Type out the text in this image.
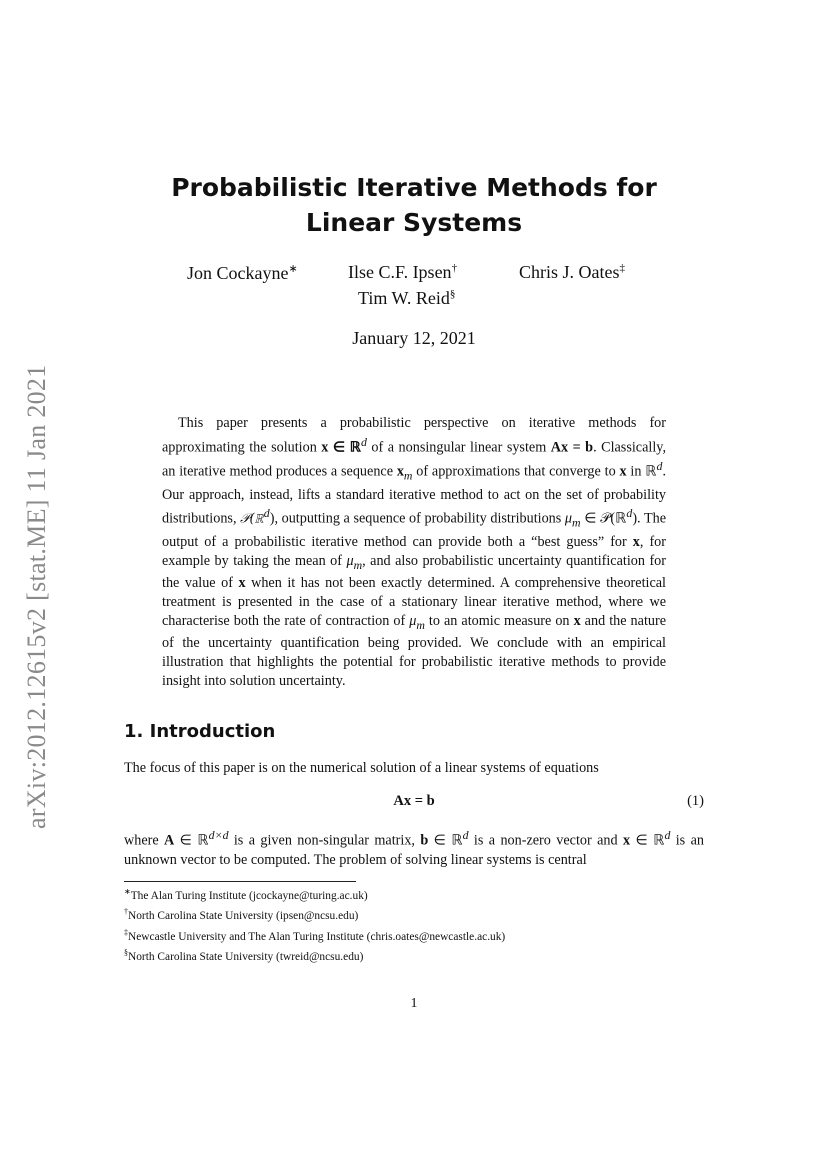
arXiv:2012.12615v2 [stat.ME] 11 Jan 2021
Probabilistic Iterative Methods for Linear Systems
Jon Cockayne∗	Ilse C.F. Ipsen†	Chris J. Oates‡
Tim W. Reid§
January 12, 2021
This paper presents a probabilistic perspective on iterative methods for approximating the solution x ∈ ℝ$^d$ of a nonsingular linear system Ax = b. Classically, an iterative method produces a sequence $x_m$ of approximations that converge to x in ℝ$^d$. Our approach, instead, lifts a standard iterative method to act on the set of probability distributions, 𝒫(ℝ$^d$), outputting a sequence of probability distributions $\mu_m$ ∈ 𝒫(ℝ$^d$). The output of a probabilistic iterative method can provide both a “best guess” for x, for example by taking the mean of $\mu_m$, and also probabilistic uncertainty quantification for the value of x when it has not been exactly determined. A comprehensive theoretical treatment is presented in the case of a stationary linear iterative method, where we characterise both the rate of contraction of $\mu_m$ to an atomic measure on x and the nature of the uncertainty quantification being provided. We conclude with an empirical illustration that highlights the potential for probabilistic iterative methods to provide insight into solution uncertainty.
1. Introduction
The focus of this paper is on the numerical solution of a linear systems of equations
Ax = b	(1)
where A ∈ ℝ$^{d\times d}$ is a given non-singular matrix, b ∈ ℝ$^d$ is a non-zero vector and x ∈ ℝ$^d$ is an unknown vector to be computed. The problem of solving linear systems is central
∗The Alan Turing Institute (jcockayne@turing.ac.uk)
†North Carolina State University (ipsen@ncsu.edu)
‡Newcastle University and The Alan Turing Institute (chris.oates@newcastle.ac.uk)
§North Carolina State University (twreid@ncsu.edu)
1
